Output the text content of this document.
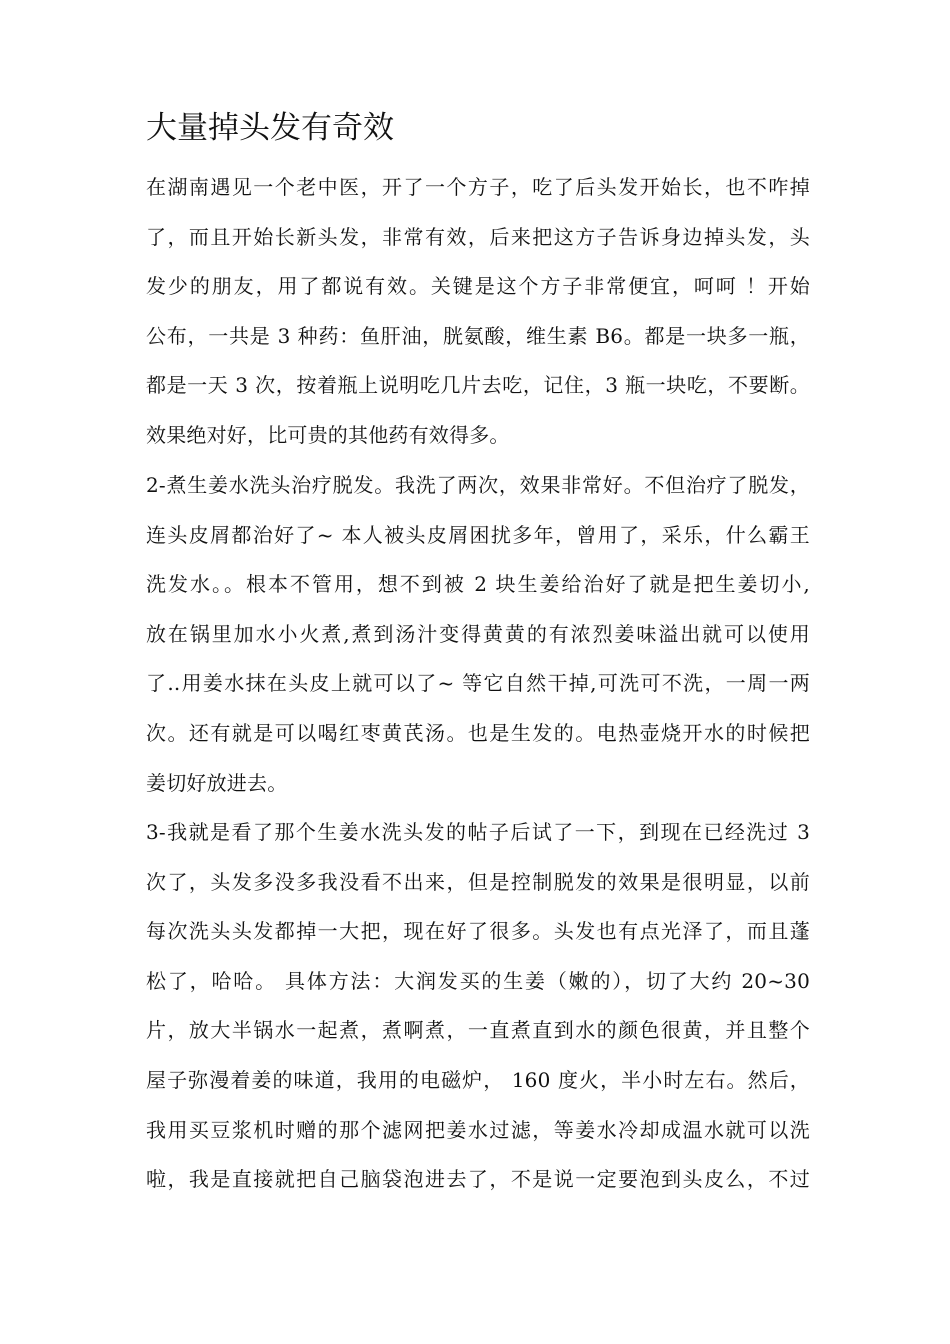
大量掉头发有奇效
在湖南遇见一个老中医，开了一个方子，吃了后头发开始长，也不咋掉
了，而且开始长新头发，非常有效，后来把这方子告诉身边掉头发，头
发少的朋友，用了都说有效。关键是这个方子非常便宜，呵呵 ！开始
公布，一共是 3 种药：鱼肝油，胱氨酸，维生素 B6。都是一块多一瓶，
都是一天 3 次，按着瓶上说明吃几片去吃，记住，3 瓶一块吃，不要断。
效果绝对好，比可贵的其他药有效得多。
2-煮生姜水洗头治疗脱发。我洗了两次，效果非常好。不但治疗了脱发，
连头皮屑都治好了~ 本人被头皮屑困扰多年，曾用了，采乐，什么霸王
洗发水。。根本不管用，想不到被 2 块生姜给治好了就是把生姜切小,
放在锅里加水小火煮,煮到汤汁变得黄黄的有浓烈姜味溢出就可以使用
了..用姜水抹在头皮上就可以了~ 等它自然干掉,可洗可不洗，一周一两
次。还有就是可以喝红枣黄芪汤。也是生发的。电热壶烧开水的时候把
姜切好放进去。
3-我就是看了那个生姜水洗头发的帖子后试了一下，到现在已经洗过 3
次了，头发多没多我没看不出来，但是控制脱发的效果是很明显，以前
每次洗头头发都掉一大把，现在好了很多。头发也有点光泽了，而且蓬
松了，哈哈。 具体方法：大润发买的生姜（嫩的），切了大约 20~30
片，放大半锅水一起煮，煮啊煮，一直煮直到水的颜色很黄，并且整个
屋子弥漫着姜的味道，我用的电磁炉， 160 度火，半小时左右。然后，
我用买豆浆机时赠的那个滤网把姜水过滤，等姜水冷却成温水就可以洗
啦，我是直接就把自己脑袋泡进去了，不是说一定要泡到头皮么，不过
